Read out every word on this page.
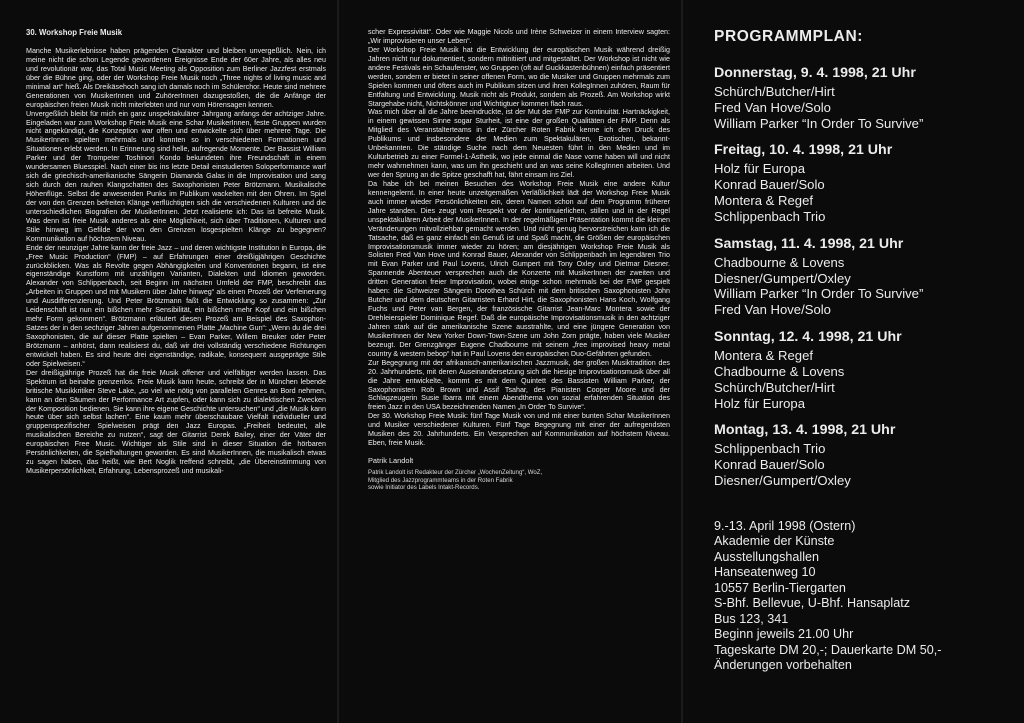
30. Workshop Freie Musik

Manche Musikerlebnisse haben prägenden Charakter und bleiben unvergeßlich. Nein, ich meine nicht die schon Legende gewordenen Ereignisse Ende der 60er Jahre, als alles neu und revolutionär war, das Total Music Meeting als Opposition zum Berliner Jazzfest erstmals über die Bühne ging, oder der Workshop Freie Musik noch „Three nights of living music and minimal art“ hieß. Als Dreikäsehoch sang ich damals noch im Schülerchor. Heute sind mehrere Generationen von MusikerInnen und ZuhörerInnen dazugestoßen, die die Anfänge der europäischen freien Musik nicht miterlebten und nur vom Hörensagen kennen.

Unvergeßlich bleibt für mich ein ganz unspektakulärer Jahrgang anfangs der achtziger Jahre. Eingeladen war zum Workshop Freie Musik eine Schar MusikerInnen, feste Gruppen wurden nicht angekündigt, die Konzeption war offen und entwickelte sich über mehrere Tage. Die MusikerInnen spielten mehrmals und konnten so in verschiedenen Formationen und Situationen erlebt werden. In Erinnerung sind helle, aufregende Momente. Der Bassist William Parker und der Trompeter Toshinori Kondo bekundeten ihre Freundschaft in einem wundersamen Bluesspiel. Nach einer bis ins letzte Detail einstudierten Soloperformance warf sich die griechisch-amerikanische Sängerin Diamanda Galas in die Improvisation und sang sich durch den rauhen Klangschatten des Saxophonisten Peter Brötzmann. Musikalische Höhenflüge. Selbst die anwesenden Punks im Publikum wackelten mit den Ohren. Im Spiel der von den Grenzen befreiten Klänge verflüchtigten sich die verschiedenen Kulturen und die unterschiedlichen Biografien der MusikerInnen. Jetzt realisierte ich: Das ist befreite Musik. Was denn ist freie Musik anderes als eine Möglichkeit, sich über Traditionen, Kulturen und Stile hinweg im Gefilde der von den Grenzen losgespielten Klänge zu begegnen? Kommunikation auf höchstem Niveau.

Ende der neunziger Jahre kann der freie Jazz – und deren wichtigste Institution in Europa, die „Free Music Production“ (FMP) – auf Erfahrungen einer dreißigjährigen Geschichte zurückblicken. Was als Revolte gegen Abhängigkeiten und Konventionen begann, ist eine eigenständige Kunstform mit unzähligen Varianten, Dialekten und Idiomen geworden. Alexander von Schlippenbach, seit Beginn im nächsten Umfeld der FMP, beschreibt das „Arbeiten in Gruppen und mit Musikern über Jahre hinweg“ als einen Prozeß der Verfeinerung und Ausdifferenzierung. Und Peter Brötzmann faßt die Entwicklung so zusammen: „Zur Leidenschaft ist nun ein bißchen mehr Sensibilität, ein bißchen mehr Kopf und ein bißchen mehr Form gekommen“. Brötzmann erläutert diesen Prozeß am Beispiel des Saxophon-Satzes der in den sechziger Jahren aufgenommenen Platte „Machine Gun“: „Wenn du die drei Saxophonisten, die auf dieser Platte spielten – Evan Parker, Willem Breuker oder Peter Brötzmann – anhörst, dann realisierst du, daß wir drei vollständig verschiedene Richtungen entwickelt haben. Es sind heute drei eigenständige, radikale, konsequent ausgeprägte Stile oder Spielweisen.“

Der dreißigjährige Prozeß hat die freie Musik offener und vielfältiger werden lassen. Das Spektrum ist beinahe grenzenlos. Freie Musik kann heute, schreibt der in München lebende britische Musikkritiker Steve Lake, „so viel wie nötig von parallelen Genres an Bord nehmen, kann an den Säumen der Performance Art zupfen, oder kann sich zu dialektischen Zwecken der Komposition bedienen. Sie kann ihre eigene Geschichte untersuchen“ und „die Musik kann heute über sich selbst lachen“. Eine kaum mehr überschaubare Vielfalt individueller und gruppenspezifischer Spielweisen prägt den Jazz Europas. „Freiheit bedeutet, alle musikalischen Bereiche zu nutzen“, sagt der Gitarrist Derek Bailey, einer der Väter der europäischen Free Music. Wichtiger als Stile sind in dieser Situation die hörbaren Persönlichkeiten, die Spielhaltungen geworden. Es sind MusikerInnen, die musikalisch etwas zu sagen haben, das heißt, wie Bert Noglik treffend schreibt, „die Übereinstimmung von Musikerpersönlichkeit, Erfahrung, Lebensprozeß und musikali-

scher Expressivität“. Oder wie Maggie Nicols und Irène Schweizer in einem Interview sagten: „Wir improvisieren unser Leben“.

Der Workshop Freie Musik hat die Entwicklung der europäischen Musik während dreißig Jahren nicht nur dokumentiert, sondern mitinitiiert und mitgestaltet. Der Workshop ist nicht wie andere Festivals ein Schaufenster, wo Gruppen (oft auf Guckkastenbühnen) einfach präsentiert werden, sondern er bietet in seiner offenen Form, wo die Musiker und Gruppen mehrmals zum Spielen kommen und öfters auch im Publikum sitzen und ihren KollegInnen zuhören, Raum für Entfaltung und Entwicklung. Musik nicht als Produkt, sondern als Prozeß. Am Workshop wirkt Stargehabe nicht, Nichtskönner und Wichtigtuer kommen flach raus.

Was mich über all die Jahre beeindruckte, ist der Mut der FMP zur Kontinuität. Hartnäckigkeit, in einem gewissen Sinne sogar Sturheit, ist eine der großen Qualitäten der FMP. Denn als Mitglied des Veranstalterteams in der Zürcher Roten Fabrik kenne ich den Druck des Publikums und insbesondere der Medien zum Spektakulären, Exotischen, bekannt-Unbekannten. Die ständige Suche nach dem Neuesten führt in den Medien und im Kulturbetrieb zu einer Formel-1-Ästhetik, wo jede einmal die Nase vorne haben will und nicht mehr wahrnehmen kann, was um ihn geschieht und an was seine KollegInnen arbeiten. Und wer den Sprung an die Spitze geschafft hat, fährt einsam ins Ziel.

Da habe ich bei meinen Besuchen des Workshop Freie Musik eine andere Kultur kennengelernt. In einer heute unzeitgemäßen Verläßlichkeit lädt der Workshop Freie Musik auch immer wieder Persönlichkeiten ein, deren Namen schon auf dem Programm früherer Jahre standen. Dies zeugt vom Respekt vor der kontinuierlichen, stillen und in der Regel unspektakulären Arbeit der MusikerInnen. In der regelmäßigen Präsentation kommt die kleinen Veränderungen mitvollziehbar gemacht werden. Und nicht genug hervorstreichen kann ich die Tatsache, daß es ganz einfach ein Genuß ist und Spaß macht, die Größen der europäischen Improvisationsmusik immer wieder zu hören; am diesjährigen Workshop Freie Musik als Solisten Fred Van Hove und Konrad Bauer, Alexander von Schlippenbach im legendären Trio mit Evan Parker und Paul Lovens, Ulrich Gumpert mit Tony Oxley und Dietmar Diesner. Spannende Abenteuer versprechen auch die Konzerte mit MusikerInnen der zweiten und dritten Generation freier Improvisation, wobei einige schon mehrmals bei der FMP gespielt haben: die Schweizer Sängerin Dorothea Schürch mit dem britischen Saxophonisten John Butcher und dem deutschen Gitarristen Erhard Hirt, die Saxophonisten Hans Koch, Wolfgang Fuchs und Peter van Bergen, der französische Gitarrist Jean-Marc Montera sowie der Drehleierspieler Dominique Regef. Daß die europäische Improvisationsmusik in den achtziger Jahren stark auf die amerikanische Szene ausstrahlte, und eine jüngere Generation von MusikerInnen der New Yorker Down-Town-Szene um John Zorn prägte, haben viele Musiker bezeugt. Der Grenzgänger Eugene Chadbourne mit seinem „free improvised heavy metal country & western bebop“ hat in Paul Lovens den europäischen Duo-Gefährten gefunden.

Zur Begegnung mit der afrikanisch-amerikanischen Jazzmusik, der großen Musiktradition des 20. Jahrhunderts, mit deren Auseinandersetzung sich die hiesige Improvisationsmusik über all die Jahre entwickelte, kommt es mit dem Quintett des Bassisten William Parker, der Saxophonisten Rob Brown und Assif Tsahar, des Pianisten Cooper Moore und der Schlagzeugerin Susie Ibarra mit einem Abendthema von sozial erfahrenden Situation des freien Jazz in den USA bezeichnenden Namen „In Order To Survive“.

Der 30. Workshop Freie Musik: fünf Tage Musik von und mit einer bunten Schar MusikerInnen und Musiker verschiedener Kulturen. Fünf Tage Begegnung mit einer der aufregendsten Musiken des 20. Jahrhunderts. Ein Versprechen auf Kommunikation auf höchstem Niveau. Eben, freie Musik.

Patrik Landolt
Patrik Landolt ist Redakteur der Zürcher „WochenZeitung“, WoZ,
Mitglied des Jazzprogrammteams in der Roten Fabrik
sowie Initiator des Labels Intakt-Records.
PROGRAMMPLAN:
Donnerstag, 9. 4. 1998, 21 Uhr
Schürch/Butcher/Hirt
Fred Van Hove/Solo
William Parker “In Order To Survive”
Freitag, 10. 4. 1998, 21 Uhr
Holz für Europa
Konrad Bauer/Solo
Montera & Regef
Schlippenbach Trio
Samstag, 11. 4. 1998, 21 Uhr
Chadbourne & Lovens
Diesner/Gumpert/Oxley
William Parker “In Order To Survive”
Fred Van Hove/Solo
Sonntag, 12. 4. 1998, 21 Uhr
Montera & Regef
Chadbourne & Lovens
Schürch/Butcher/Hirt
Holz für Europa
Montag, 13. 4. 1998, 21 Uhr
Schlippenbach Trio
Konrad Bauer/Solo
Diesner/Gumpert/Oxley
9.-13. April 1998 (Ostern)
Akademie der Künste
Ausstellungshallen
Hanseatenweg 10
10557 Berlin-Tiergarten
S-Bhf. Bellevue, U-Bhf. Hansaplatz
Bus 123, 341
Beginn jeweils 21.00 Uhr
Tageskarte DM 20,-; Dauerkarte DM 50,-
Änderungen vorbehalten
